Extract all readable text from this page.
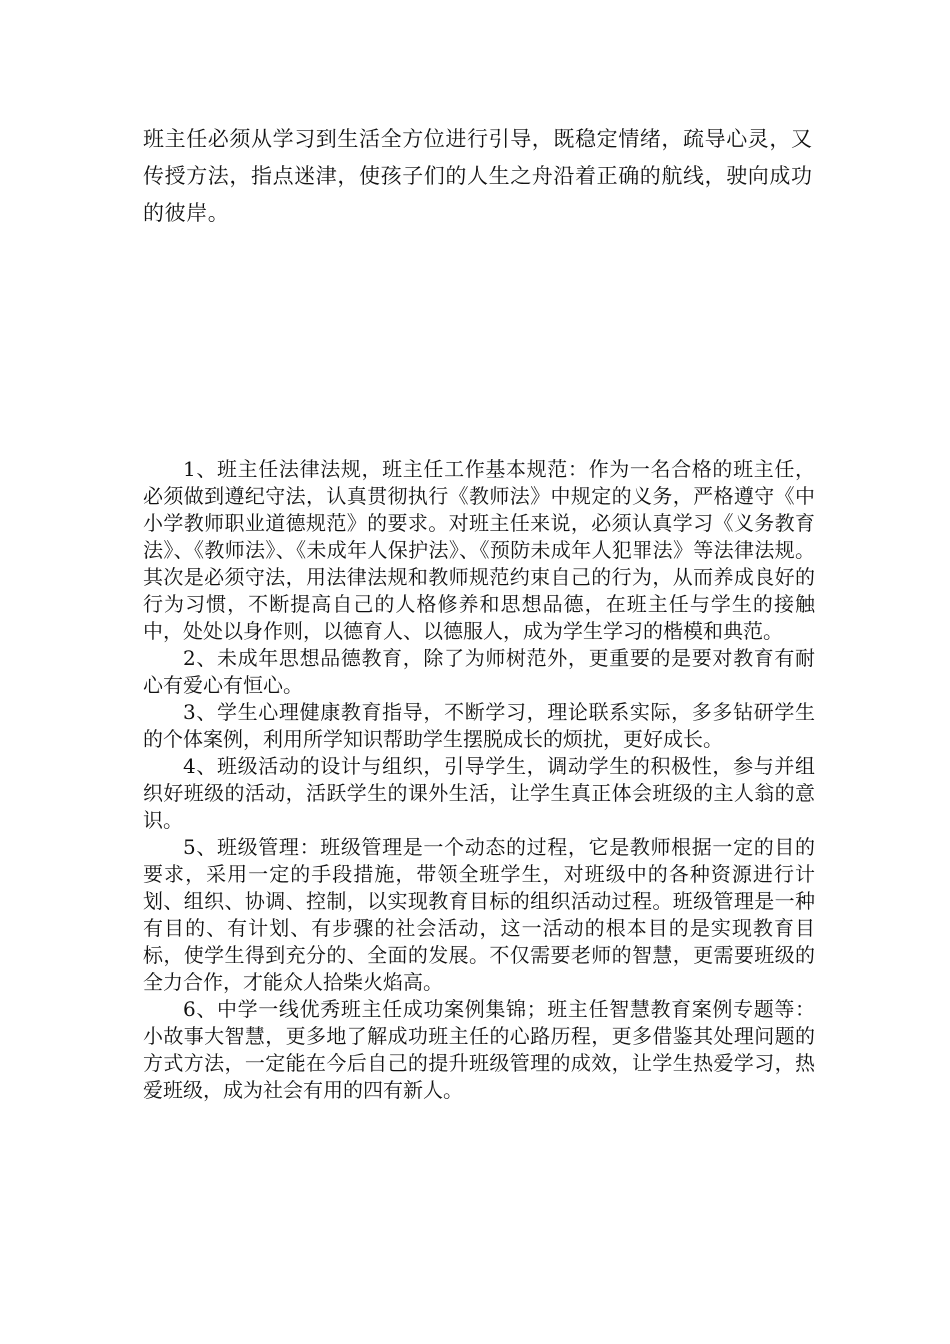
班主任必须从学习到生活全方位进行引导，既稳定情绪，疏导心灵，又传授方法，指点迷津，使孩子们的人生之舟沿着正确的航线，驶向成功的彼岸。

1、班主任法律法规，班主任工作基本规范：作为一名合格的班主任，必须做到遵纪守法，认真贯彻执行《教师法》中规定的义务，严格遵守《中小学教师职业道德规范》的要求。对班主任来说，必须认真学习《义务教育法》、《教师法》、《未成年人保护法》、《预防未成年人犯罪法》等法律法规。其次是必须守法，用法律法规和教师规范约束自己的行为，从而养成良好的行为习惯，不断提高自己的人格修养和思想品德，在班主任与学生的接触中，处处以身作则，以德育人、以德服人，成为学生学习的楷模和典范。

2、未成年思想品德教育，除了为师树范外，更重要的是要对教育有耐心有爱心有恒心。

3、学生心理健康教育指导，不断学习，理论联系实际，多多钻研学生的个体案例，利用所学知识帮助学生摆脱成长的烦扰，更好成长。

4、班级活动的设计与组织，引导学生，调动学生的积极性，参与并组织好班级的活动，活跃学生的课外生活，让学生真正体会班级的主人翁的意识。

5、班级管理：班级管理是一个动态的过程，它是教师根据一定的目的要求，采用一定的手段措施，带领全班学生，对班级中的各种资源进行计划、组织、协调、控制，以实现教育目标的组织活动过程。班级管理是一种有目的、有计划、有步骤的社会活动，这一活动的根本目的是实现教育目标，使学生得到充分的、全面的发展。不仅需要老师的智慧，更需要班级的全力合作，才能众人拾柴火焰高。

6、中学一线优秀班主任成功案例集锦；班主任智慧教育案例专题等：小故事大智慧，更多地了解成功班主任的心路历程，更多借鉴其处理问题的方式方法，一定能在今后自己的提升班级管理的成效，让学生热爱学习，热爱班级，成为社会有用的四有新人。
